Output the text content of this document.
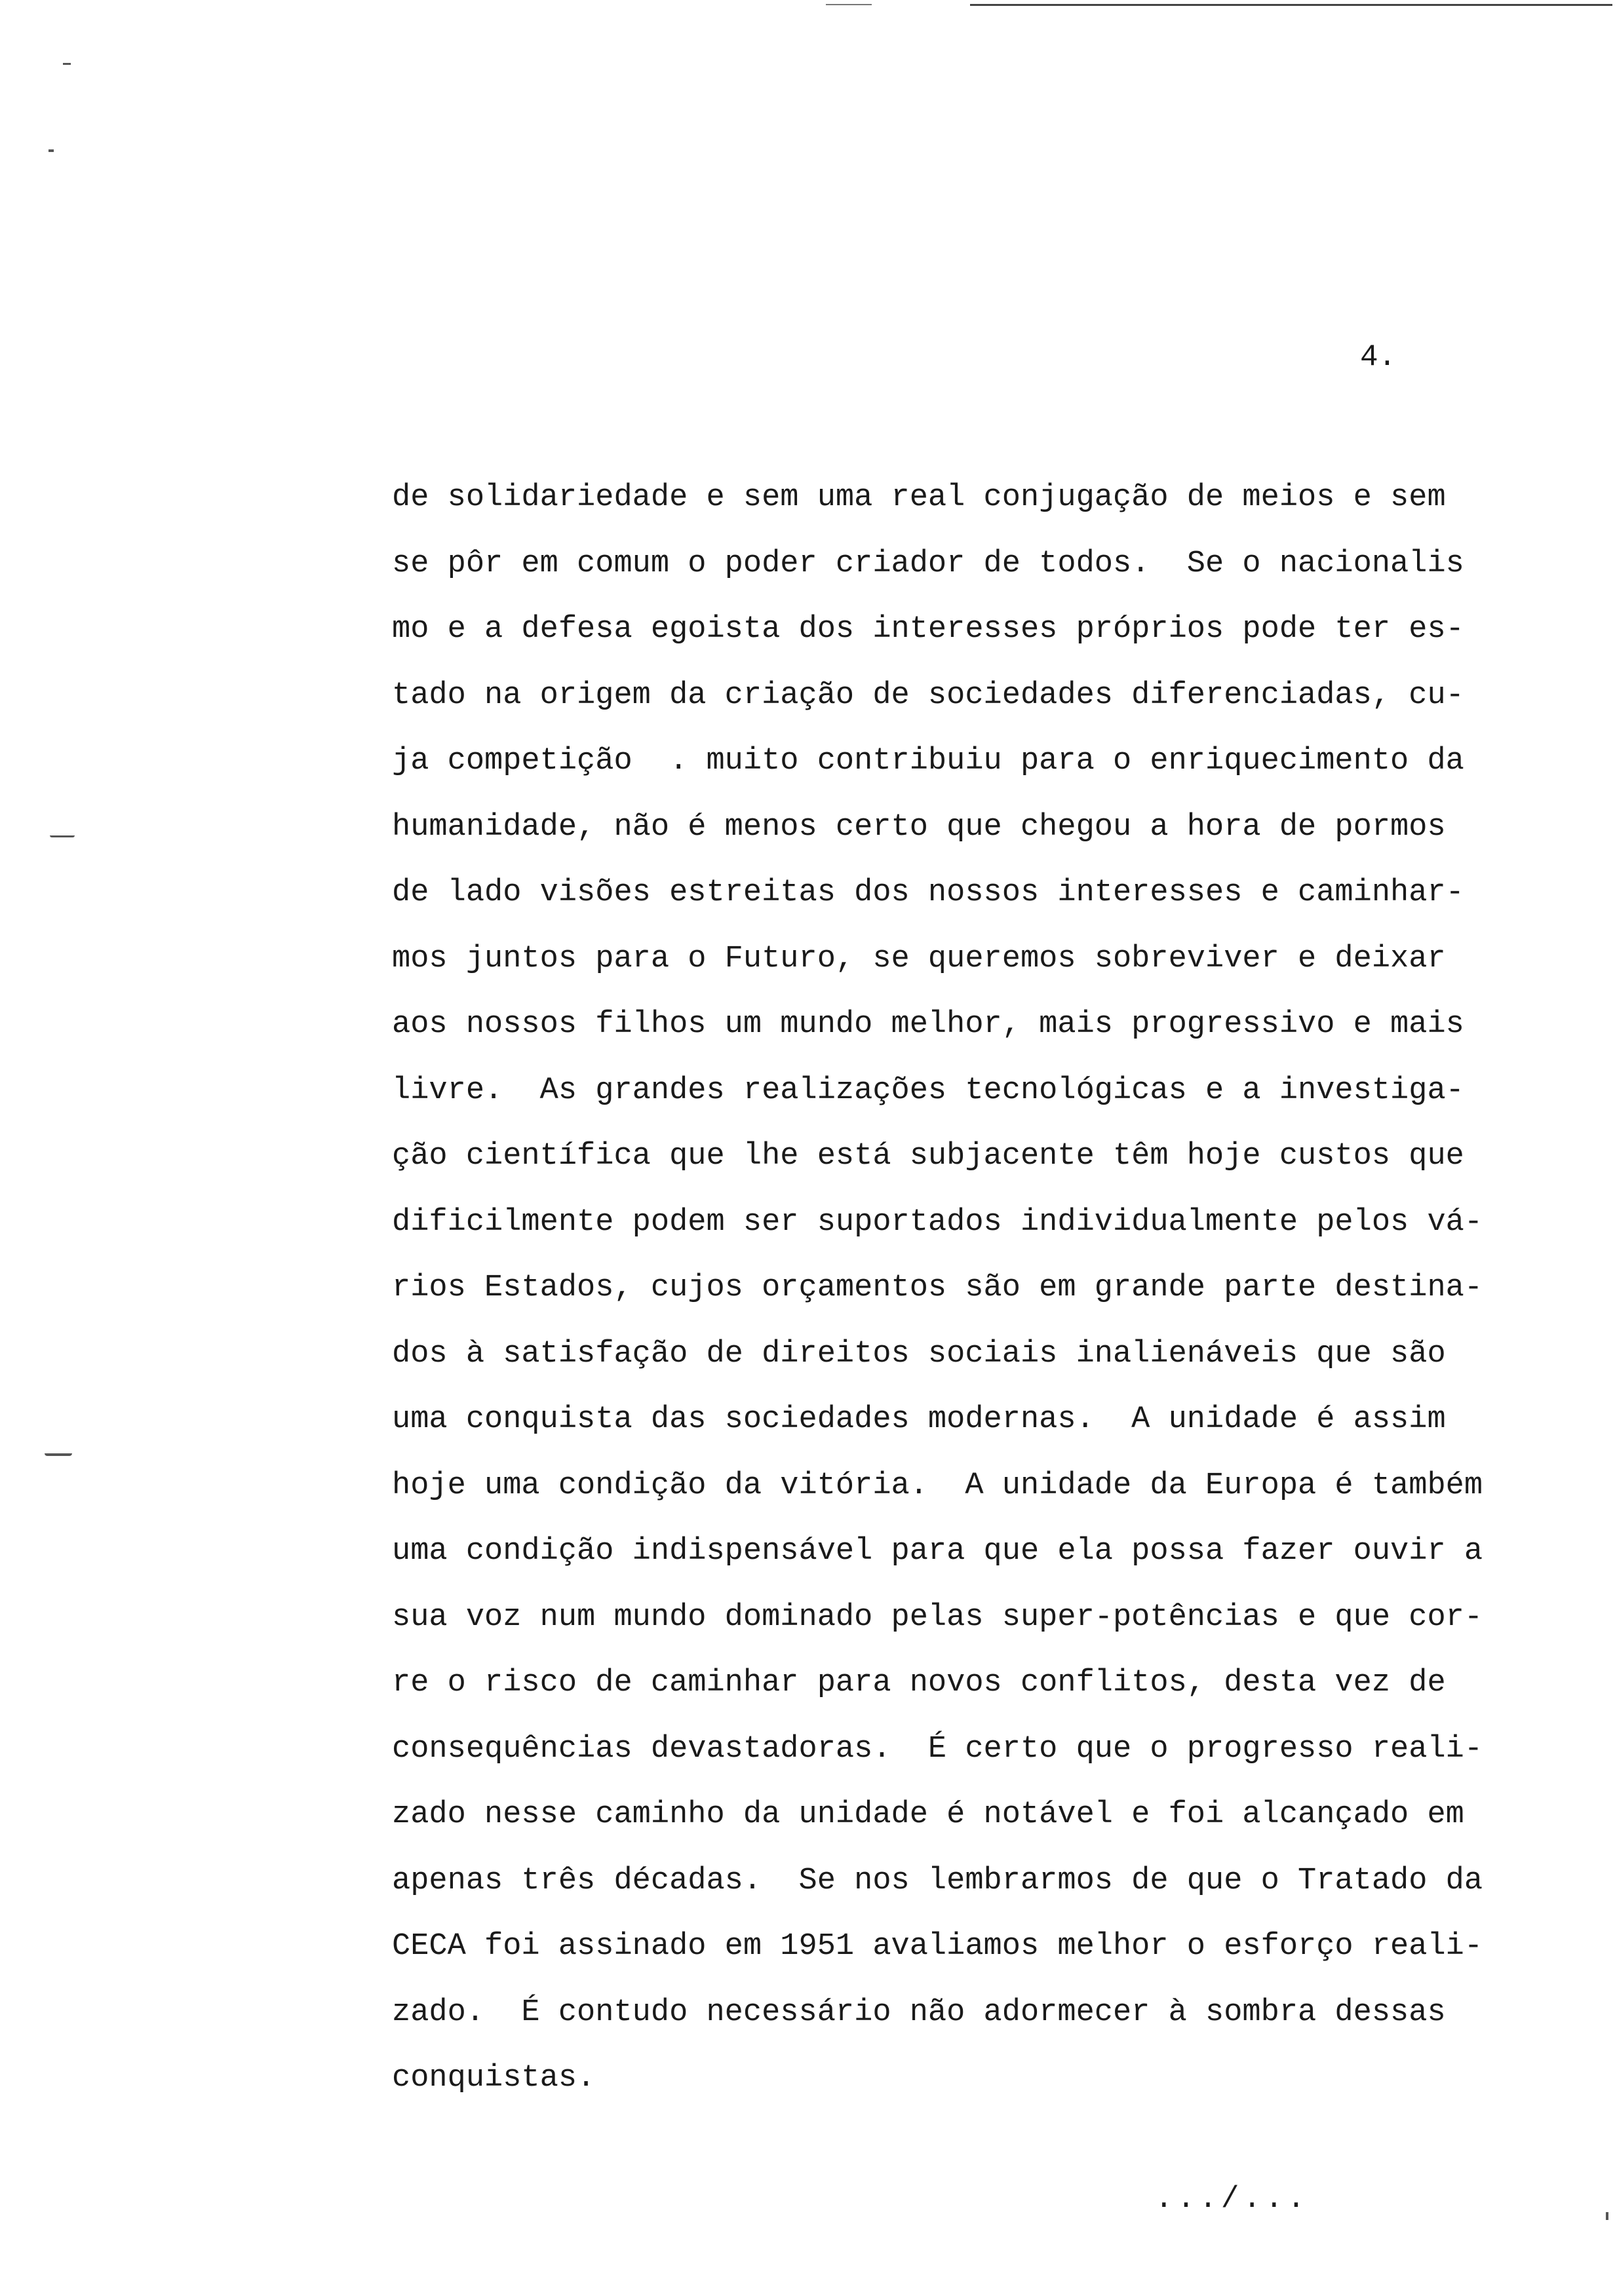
4.
de solidariedade e sem uma real conjugação de meios e sem
se pôr em comum o poder criador de todos.  Se o nacionalis
mo e a defesa egoista dos interesses próprios pode ter es-
tado na origem da criação de sociedades diferenciadas, cu-
ja competição  . muito contribuiu para o enriquecimento da
humanidade, não é menos certo que chegou a hora de pormos
de lado visões estreitas dos nossos interesses e caminhar-
mos juntos para o Futuro, se queremos sobreviver e deixar
aos nossos filhos um mundo melhor, mais progressivo e mais
livre.  As grandes realizações tecnológicas e a investiga-
ção científica que lhe está subjacente têm hoje custos que
dificilmente podem ser suportados individualmente pelos vá-
rios Estados, cujos orçamentos são em grande parte destina-
dos à satisfação de direitos sociais inalienáveis que são
uma conquista das sociedades modernas.  A unidade é assim
hoje uma condição da vitória.  A unidade da Europa é também
uma condição indispensável para que ela possa fazer ouvir a
sua voz num mundo dominado pelas super-potências e que cor-
re o risco de caminhar para novos conflitos, desta vez de
consequências devastadoras.  É certo que o progresso reali-
zado nesse caminho da unidade é notável e foi alcançado em
apenas três décadas.  Se nos lembrarmos de que o Tratado da
CECA foi assinado em 1951 avaliamos melhor o esforço reali-
zado.  É contudo necessário não adormecer à sombra dessas
conquistas.
.../...
